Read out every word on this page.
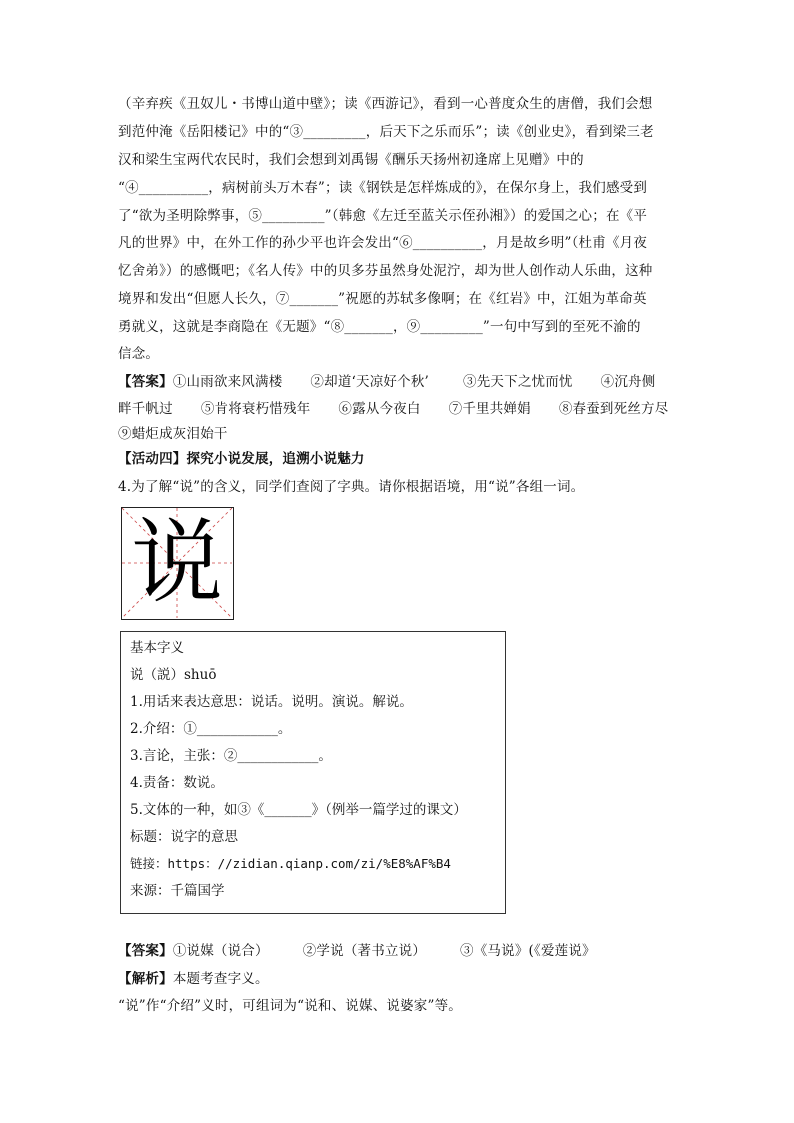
（辛弃疾《丑奴儿・书博山道中壁》；读《西游记》，看到一心普度众生的唐僧，我们会想
到范仲淹《岳阳楼记》中的“③_________，后天下之乐而乐”；读《创业史》，看到梁三老
汉和梁生宝两代农民时，我们会想到刘禹锡《酬乐天扬州初逢席上见赠》中的
“④__________，病树前头万木春”；读《钢铁是怎样炼成的》，在保尔身上，我们感受到
了“欲为圣明除弊事，⑤_________”（韩愈《左迁至蓝关示侄孙湘》）的爱国之心；在《平
凡的世界》中，在外工作的孙少平也许会发出“⑥__________，月是故乡明”（杜甫《月夜
忆舍弟》）的感慨吧；《名人传》中的贝多芬虽然身处泥泞，却为世人创作动人乐曲，这种
境界和发出“但愿人长久，⑦_______”祝愿的苏轼多像啊；在《红岩》中，江姐为革命英
勇就义，这就是李商隐在《无题》“⑧_______，⑨_________”一句中写到的至死不渝的
信念。
【答案】①山雨欲来风满楼 ②却道‘天凉好个秋’	③先天下之忧而忧 ④沉舟侧
畔千帆过 ⑤肯将衰朽惜残年 ⑥露从今夜白 ⑦千里共婵娟 ⑧春蚕到死丝方尽
⑨蜡炬成灰泪始干
【活动四】探究小说发展，追溯小说魅力
4.为了解“说”的含义，同学们查阅了字典。请你根据语境，用“说”各组一词。
说
基本字义
说（説）shuō
1.用话来表达意思：说话。说明。演说。解说。
2.介绍：①____________。
3.言论，主张：②____________。
4.责备：数说。
5.文体的一种，如③《_______》（例举一篇学过的课文）
标题：说字的意思
链接：https：//zidian.qianp.com/zi/%E8%AF%B4
来源：千篇国学
【答案】①说媒（说合）	②学说（著书立说）	③《马说》(《爱莲说》
【解析】本题考查字义。
“说”作“介绍”义时，可组词为“说和、说媒、说婆家”等。
